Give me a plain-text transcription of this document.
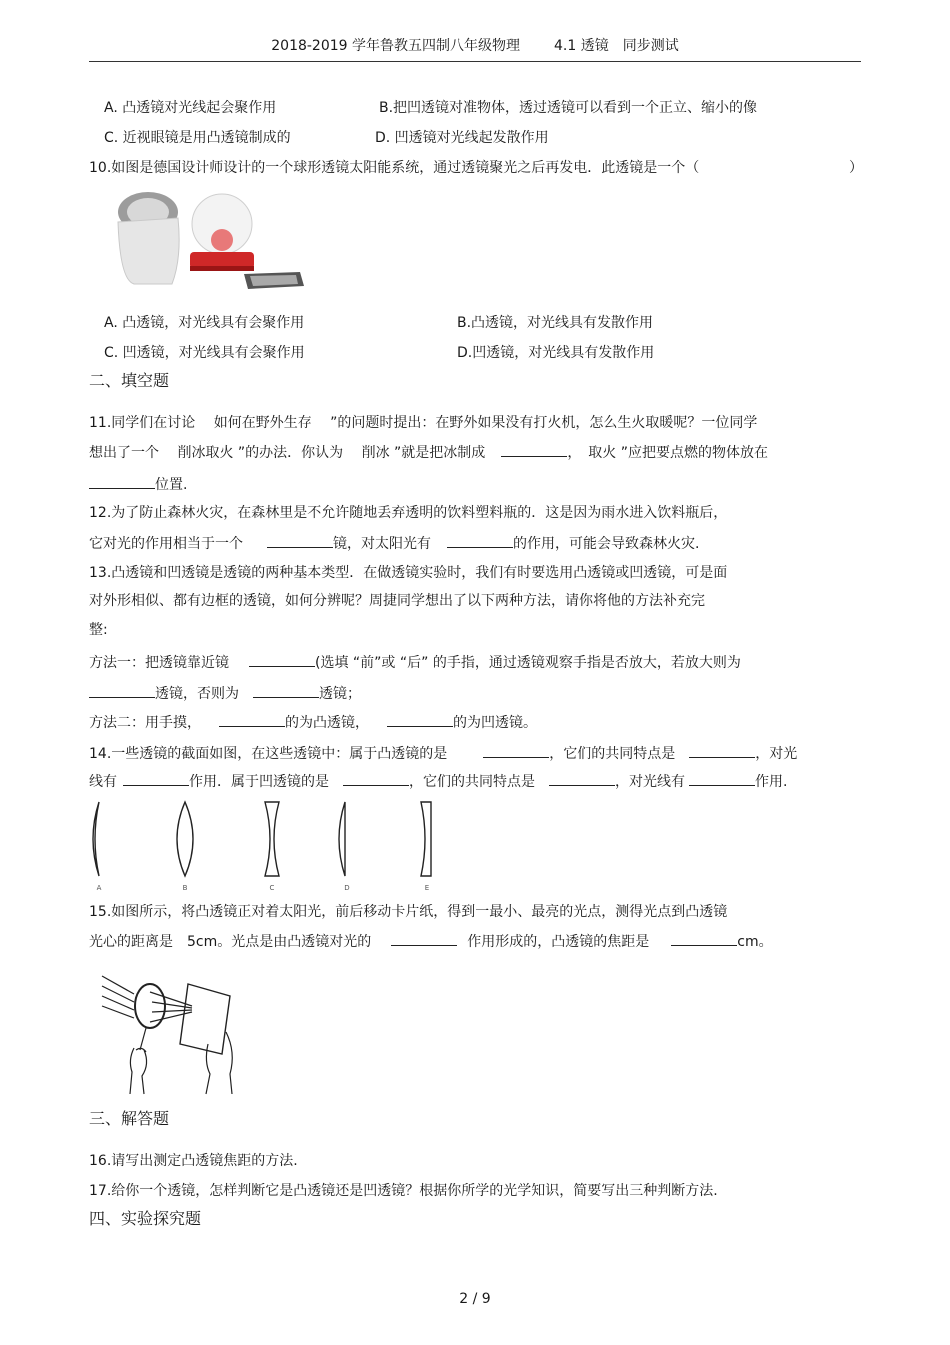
2018-2019 学年鲁教五四制八年级物理 4.1 透镜　同步测试
A. 凸透镜对光线起会聚作用	B.把凹透镜对准物体，透过透镜可以看到一个正立、缩小的像
C. 近视眼镜是用凸透镜制成的	D. 凹透镜对光线起发散作用
10.如图是德国设计师设计的一个球形透镜太阳能系统，通过透镜聚光之后再发电．此透镜是一个（	）
A. 凸透镜，对光线具有会聚作用	B.凸透镜，对光线具有发散作用
C. 凹透镜，对光线具有会聚作用	D.凹透镜，对光线具有发散作用
二、填空题
11.同学们在讨论　 如何在野外生存　 ”的问题时提出：在野外如果没有打火机，怎么生火取暖呢？一位同学
想出了一个　 削冰取火 ”的办法．你认为　 削冰 ”就是把冰制成	，　取火 ”应把要点燃的物体放在
位置.
12.为了防止森林火灾，在森林里是不允许随地丢弃透明的饮料塑料瓶的．这是因为雨水进入饮料瓶后，
它对光的作用相当于一个	镜，对太阳光有	的作用，可能会导致森林火灾.
13.凸透镜和凹透镜是透镜的两种基本类型．在做透镜实验时，我们有时要选用凸透镜或凹透镜，可是面
对外形相似、都有边框的透镜，如何分辨呢？周捷同学想出了以下两种方法，请你将他的方法补充完
整:
方法一：把透镜靠近镜	(选填 “前”或 “后” 的手指，通过透镜观察手指是否放大，若放大则为
透镜，否则为	透镜；
方法二：用手摸，	的为凸透镜，	的为凹透镜。
14.一些透镜的截面如图，在这些透镜中：属于凸透镜的是	，它们的共同特点是	，对光
线有	作用．属于凹透镜的是	，它们的共同特点是	，对光线有	作用.
A	B	C	D	E
15.如图所示，将凸透镜正对着太阳光，前后移动卡片纸，得到一最小、最亮的光点，测得光点到凸透镜
光心的距离是　5cm。光点是由凸透镜对光的	作用形成的，凸透镜的焦距是	cm。
三、解答题
16.请写出测定凸透镜焦距的方法.
17.给你一个透镜，怎样判断它是凸透镜还是凹透镜？根据你所学的光学知识，简要写出三种判断方法.
四、实验探究题
2 / 9
